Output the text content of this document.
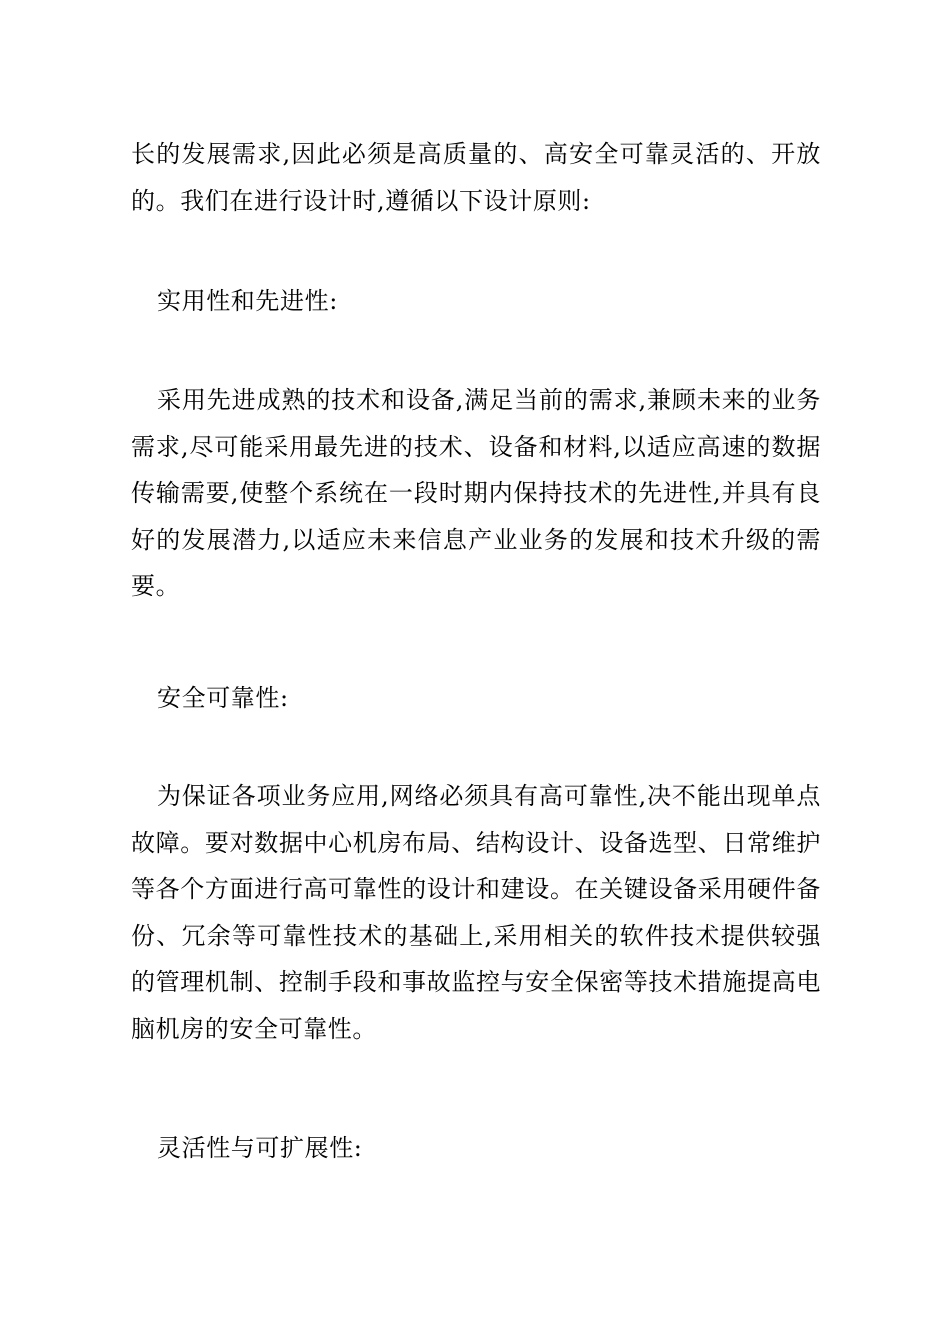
长的发展需求,因此必须是高质量的、高安全可靠灵活的、开放的。我们在进行设计时,遵循以下设计原则:

实用性和先进性:

采用先进成熟的技术和设备,满足当前的需求,兼顾未来的业务需求,尽可能采用最先进的技术、设备和材料,以适应高速的数据传输需要,使整个系统在一段时期内保持技术的先进性,并具有良好的发展潜力,以适应未来信息产业业务的发展和技术升级的需要。

安全可靠性:

为保证各项业务应用,网络必须具有高可靠性,决不能出现单点故障。要对数据中心机房布局、结构设计、设备选型、日常维护等各个方面进行高可靠性的设计和建设。在关键设备采用硬件备份、冗余等可靠性技术的基础上,采用相关的软件技术提供较强的管理机制、控制手段和事故监控与安全保密等技术措施提高电脑机房的安全可靠性。

灵活性与可扩展性:
